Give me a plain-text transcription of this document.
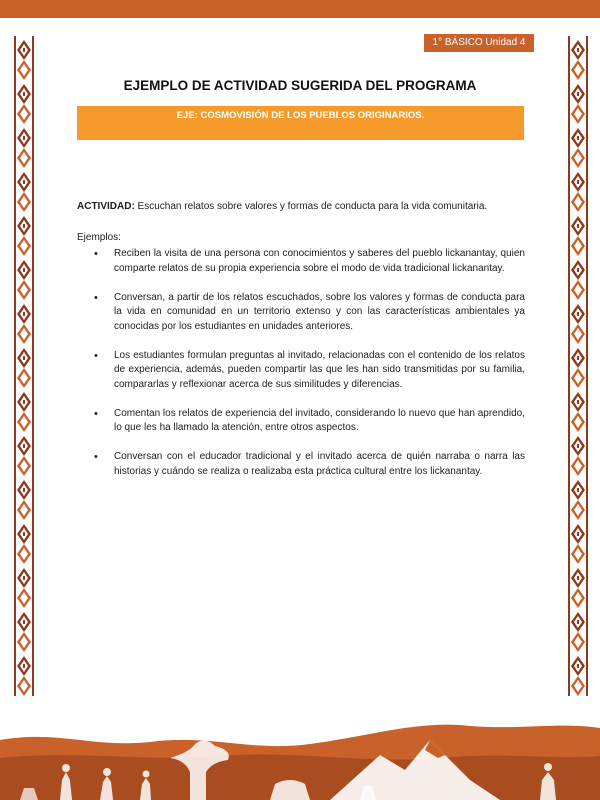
1° BÁSICO Unidad 4
EJEMPLO DE ACTIVIDAD SUGERIDA DEL PROGRAMA
EJE: COSMOVISIÓN DE LOS PUEBLOS ORIGINARIOS.

ACTIVIDAD: Escuchan relatos sobre valores y formas de conducta para la vida comunitaria.

Ejemplos:

• Reciben la visita de una persona con conocimientos y saberes del pueblo lickanantay, quien comparte relatos de su propia experiencia sobre el modo de vida tradicional lickanantay.
• Conversan, a partir de los relatos escuchados, sobre los valores y formas de conducta para la vida en comunidad en un territorio extenso y con las características ambientales ya conocidas por los estudiantes en unidades anteriores.
• Los estudiantes formulan preguntas al invitado, relacionadas con el contenido de los relatos de experiencia, además, pueden compartir las que les han sido transmitidas por su familia, compararlas y reflexionar acerca de sus similitudes y diferencias.
• Comentan los relatos de experiencia del invitado, considerando lo nuevo que han aprendido, lo que les ha llamado la atención, entre otros aspectos.
• Conversan con el educador tradicional y el invitado acerca de quién narraba o narra las historias y cuándo se realiza o realizaba esta práctica cultural entre los lickanantay.
